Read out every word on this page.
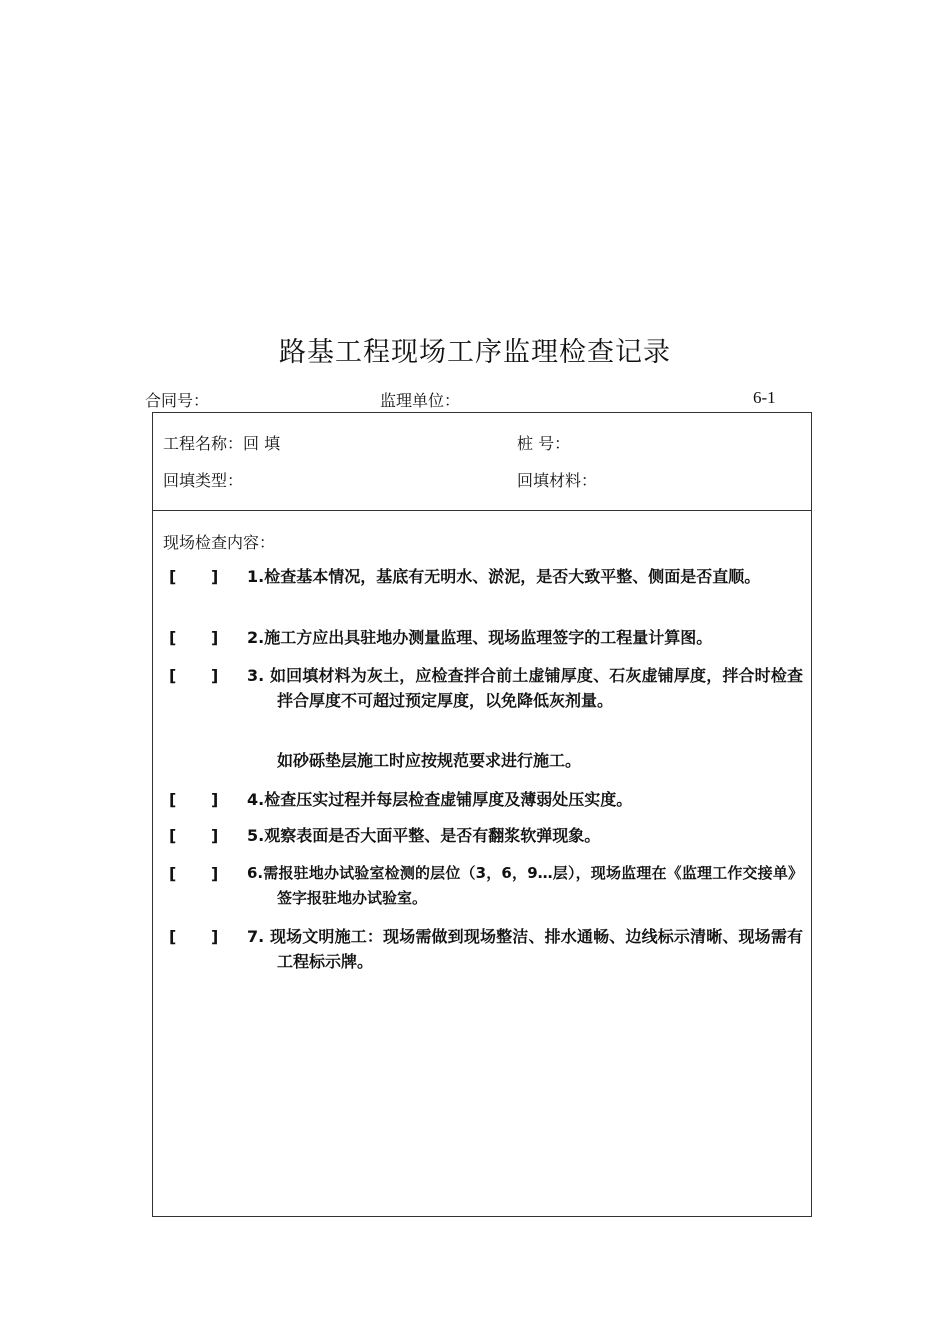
路基工程现场工序监理检查记录
合同号：	监理单位：	6-1
工程名称：回 填	桩 号：
回填类型：	回填材料：
现场检查内容：
[ ] 1.检查基本情况，基底有无明水、淤泥，是否大致平整、侧面是否直顺。
[ ] 2.施工方应出具驻地办测量监理、现场监理签字的工程量计算图。
[ ] 3. 如回填材料为灰土，应检查拌合前土虚铺厚度、石灰虚铺厚度，拌合时检查拌合厚度不可超过预定厚度，以免降低灰剂量。
如砂砾垫层施工时应按规范要求进行施工。
[ ] 4.检查压实过程并每层检查虚铺厚度及薄弱处压实度。
[ ] 5.观察表面是否大面平整、是否有翻浆软弹现象。
[ ] 6.需报驻地办试验室检测的层位（3，6，9…层），现场监理在《监理工作交接单》签字报驻地办试验室。
[ ] 7. 现场文明施工：现场需做到现场整洁、排水通畅、边线标示清晰、现场需有工程标示牌。
